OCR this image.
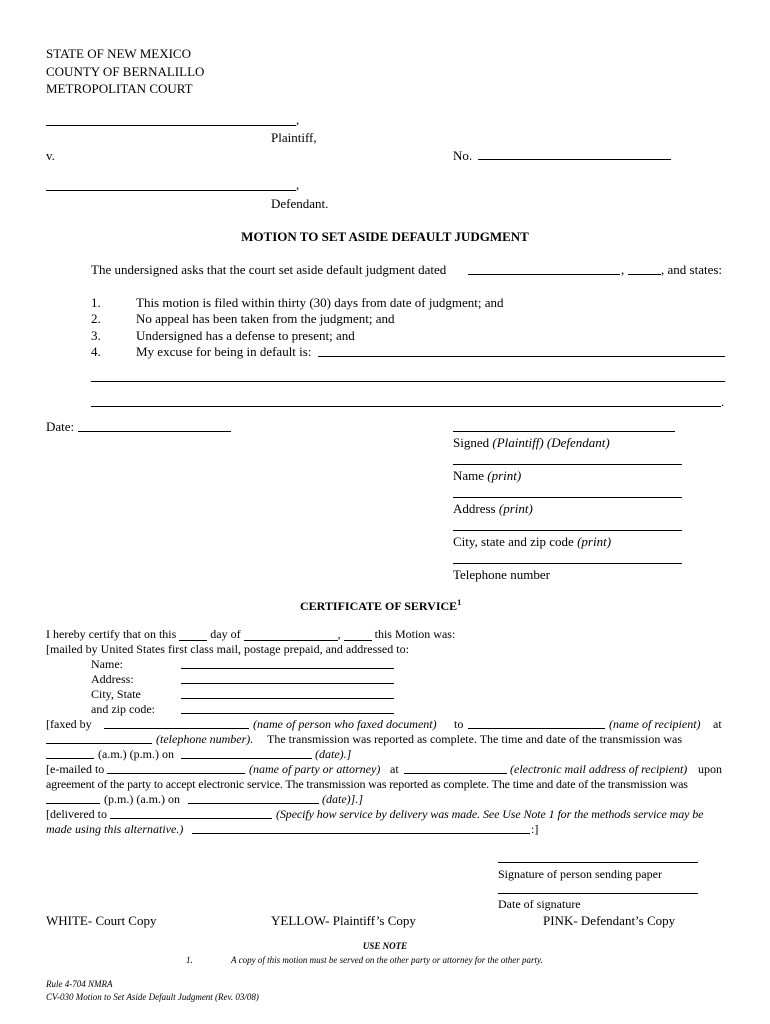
STATE OF NEW MEXICO
COUNTY OF BERNALILLO
METROPOLITAN COURT
,
Plaintiff,
v.	No.
,
Defendant.
MOTION TO SET ASIDE DEFAULT JUDGMENT
The undersigned asks that the court set aside default judgment dated	,	, and states:
1.	This motion is filed within thirty (30) days from date of judgment; and
2.	No appeal has been taken from the judgment; and
3.	Undersigned has a defense to present; and
4.	My excuse for being in default is:
.
Date:
Signed (Plaintiff) (Defendant)
Name (print)
Address (print)
City, state and zip code (print)
Telephone number
CERTIFICATE OF SERVICE$^1$
I hereby certify that on this	day of	,	this Motion was:
[mailed by United States first class mail, postage prepaid, and addressed to:
Name:
Address:
City, State
and zip code:
[faxed by	(name of person who faxed document) to	(name of recipient) at
(telephone number). The transmission was reported as complete. The time and date of the transmission was
(a.m.) (p.m.) on	(date).]
[e-mailed to	(name of party or attorney) at	(electronic mail address of recipient) upon
agreement of the party to accept electronic service. The transmission was reported as complete. The time and date of the transmission was
(p.m.) (a.m.) on	(date)].]
[delivered to	(Specify how service by delivery was made. See Use Note 1 for the methods service may be
made using this alternative.)	:]
Signature of person sending paper
Date of signature
WHITE- Court Copy	YELLOW- Plaintiff’s Copy	PINK- Defendant’s Copy
USE NOTE
1.	A copy of this motion must be served on the other party or attorney for the other party.
Rule 4-704 NMRA
CV-030 Motion to Set Aside Default Judgment (Rev. 03/08)
